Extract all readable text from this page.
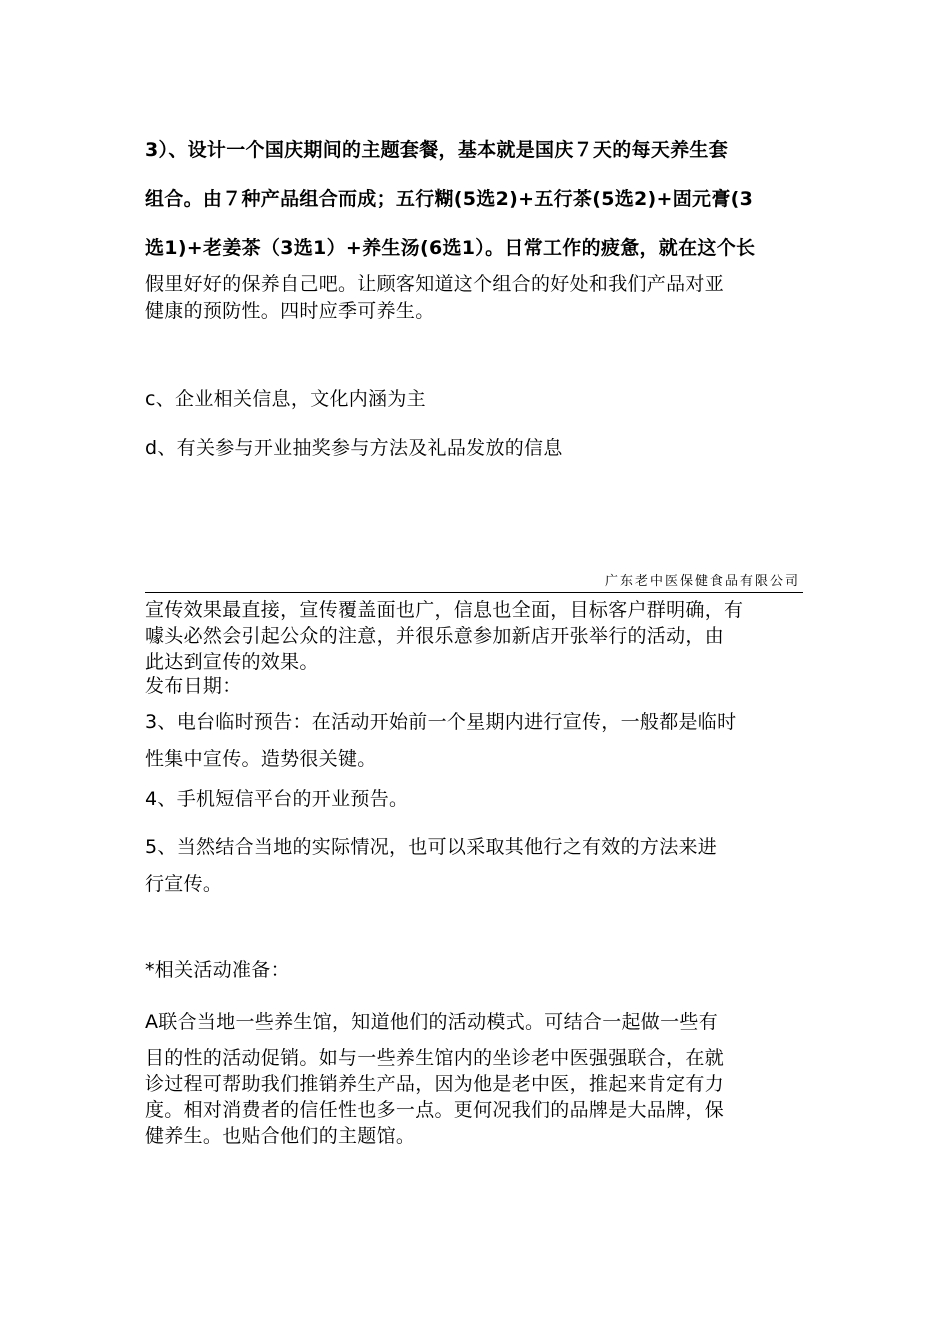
3）、设计一个国庆期间的主题套餐，基本就是国庆７天的每天养生套
组合。由７种产品组合而成；五行糊(5选2)+五行茶(5选2)+固元膏(3
选1)+老姜茶（3选1）+养生汤(6选1）。日常工作的疲惫，就在这个长
假里好好的保养自己吧。让顾客知道这个组合的好处和我们产品对亚
健康的预防性。四时应季可养生。
c、企业相关信息，文化内涵为主
d、有关参与开业抽奖参与方法及礼品发放的信息
广东老中医保健食品有限公司
宣传效果最直接，宣传覆盖面也广，信息也全面，目标客户群明确，有
噱头必然会引起公众的注意，并很乐意参加新店开张举行的活动，由
此达到宣传的效果。
发布日期：
3、电台临时预告：在活动开始前一个星期内进行宣传，一般都是临时
性集中宣传。造势很关键。
4、手机短信平台的开业预告。
5、当然结合当地的实际情况，也可以采取其他行之有效的方法来进
行宣传。
*相关活动准备：
A联合当地一些养生馆，知道他们的活动模式。可结合一起做一些有
目的性的活动促销。如与一些养生馆内的坐诊老中医强强联合，在就
诊过程可帮助我们推销养生产品，因为他是老中医，推起来肯定有力
度。相对消费者的信任性也多一点。更何况我们的品牌是大品牌，保
健养生。也贴合他们的主题馆。
